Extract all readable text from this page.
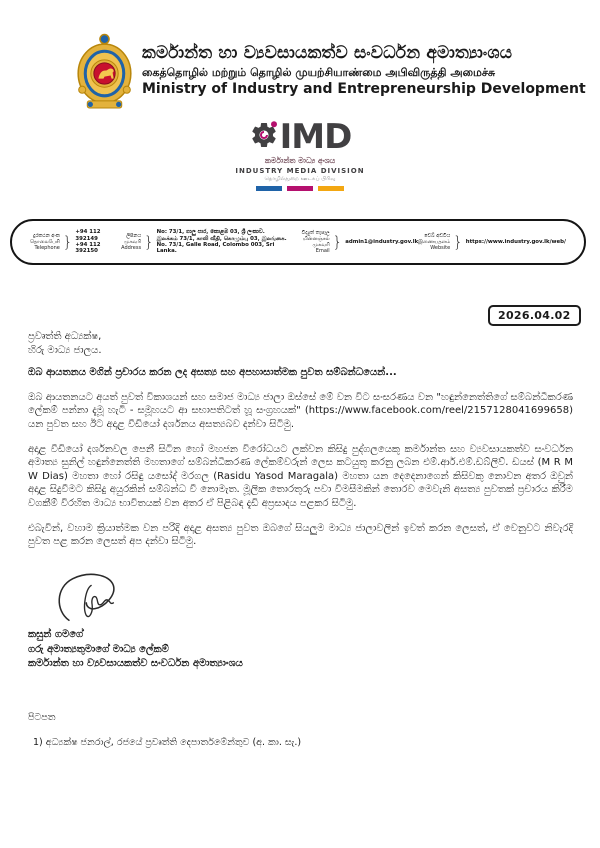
කර්මාන්ත හා ව්‍යවසායකත්ව සංවර්ධන අමාත්‍යාංශය
கைத்தொழில் மற்றும் தொழில் முயற்சியாண்மை அபிவிருத்தி அமைச்சு
Ministry of Industry and Entrepreneurship Development
IMD
කර්මාන්ත මාධ්‍ය අංශය
INDUSTRY MEDIA DIVISION
தொழில்துறை ஊடகப் பிரிவு
දුරකථන අංක
தொலைபேசி
Telephone }
+94 112 392149
+94 112 392150
ලිපිනය
முகவரி
Address }
No: 73/1, ගාලු පාර, කොළඹ 03, ශ්‍රී ලංකාව.
இலக்கம் 73/1, காலி வீதி, கொழும்பு 03, இலங்கை.
No. 73/1, Galle Road, Colombo 003, Sri Lanka.
විද්‍යුත් තැපෑල
மின்னஞ்சல் முகவரி
Email
} admin1@industry.gov.lk
වෙබ් අඩවිය
இணையதளம்
Website } https://www.industry.gov.lk/web/
2026.04.02
ප්‍රවෘත්ති අධ්‍යක්ෂ,
හිරු මාධ්‍ය ජාලය.
ඔබ ආයතනය මගින් ප්‍රචාරය කරන ලද අසත්‍ය සහ අපහාසාත්මක පුවත සම්බන්ධයෙන්...
ඔබ ආයතනයට අයත් පුවත් විකාශයන් සහ සමාජ මාධ්‍ය ජාලා ඔස්සේ මේ වන විට සංසරණය වන "හඳුන්නෙත්තිගේ සම්බන්ධීකරණ ලේකම් පන්නා දැමූ හැටි - සමූහයට ආ සභාපතිටත් හූ සංග්‍රහයක්" (https://www.facebook.com/reel/2157128041699658) යන පුවත සහ ඊට අදාළ වීඩියෝ දර්ශනය අසත්‍යබව දන්වා සිටිමු.
අදාළ වීඩියෝ දර්ශනවල පෙනී සිටින හෝ මහජන විරෝධයට ලක්වන කිසිදු පුද්ගලයෙකු කර්මාන්ත සහ ව්‍යවසායකත්ව සංවර්ධන අමාත්‍ය සුනිල් හඳුන්නෙත්ති මහතාගේ සම්බන්ධීකරණ ලේකම්වරුන් ලෙස කටයුතු කරනු ලබන එම්.ආර්.එම්.ඩබ්ලිව්. ඩයස් (M R M W Dias) මහතා හෝ රසිඳු යසෝද් මරගල (Rasidu Yasod Maragala) මහතා යන දෙදෙනාගෙන් කිසිවකු නොවන අතර ඔවුන් අදාළ සිදුවීමට කිසිදු අයුරකින් සම්බන්ධ වී නොමැත. මූලික තොරතුරු පවා විමසීමකින් තොරව මෙවැනි අසත්‍ය පුවතක් ප්‍රචාරය කිරීම වගකීම් විරහිත මාධ්‍ය භාවිතයක් වන අතර ඒ පිළිබඳ දැඩි අප්‍රසාදය පළකර සිටිමු.
එබැවින්, වහාම ක්‍රියාත්මක වන පරිදි අදාළ අසත්‍ය පුවත ඔබගේ සියලුම මාධ්‍ය ජාලාවලින් ඉවත් කරන ලෙසත්, ඒ වෙනුවට නිවැරදි පුවත පළ කරන ලෙසත් අප දන්වා සිටිමු.
කසුන් ගමගේ
ගරු අමාත්‍යතුමාගේ මාධ්‍ය ලේකම්
කර්මාන්ත හා ව්‍යවසායකත්ව සංවර්ධන අමාත්‍යාංශය
පිටපත
1) අධ්‍යක්ෂ ජනරාල්, රජයේ ප්‍රවෘත්ති දෙපාර්තමේන්තුව (අ. කා. සැ.)
